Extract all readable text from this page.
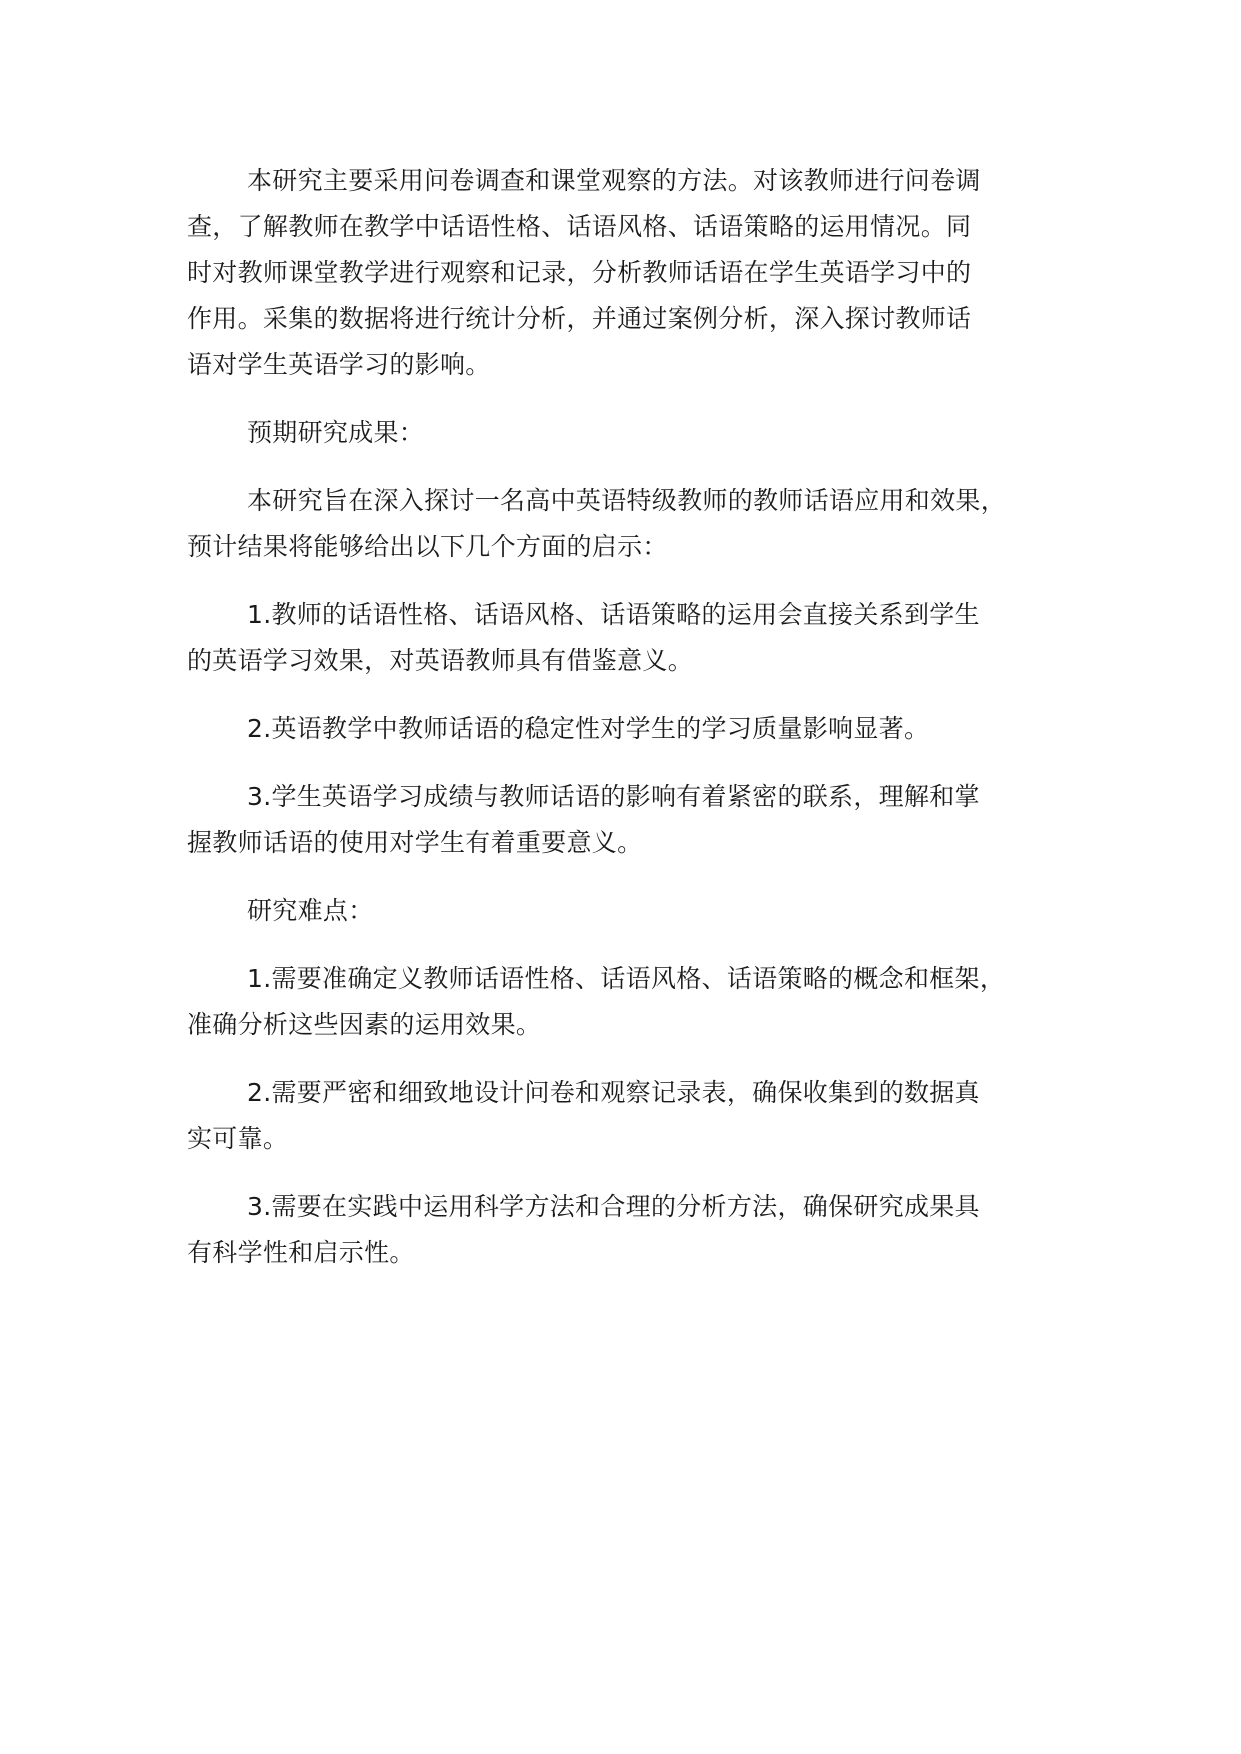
本研究主要采用问卷调查和课堂观察的方法。对该教师进行问卷调
查，了解教师在教学中话语性格、话语风格、话语策略的运用情况。同
时对教师课堂教学进行观察和记录，分析教师话语在学生英语学习中的
作用。采集的数据将进行统计分析，并通过案例分析，深入探讨教师话
语对学生英语学习的影响。
预期研究成果：
本研究旨在深入探讨一名高中英语特级教师的教师话语应用和效果，
预计结果将能够给出以下几个方面的启示：
1.教师的话语性格、话语风格、话语策略的运用会直接关系到学生
的英语学习效果，对英语教师具有借鉴意义。
2.英语教学中教师话语的稳定性对学生的学习质量影响显著。
3.学生英语学习成绩与教师话语的影响有着紧密的联系，理解和掌
握教师话语的使用对学生有着重要意义。
研究难点：
1.需要准确定义教师话语性格、话语风格、话语策略的概念和框架，
准确分析这些因素的运用效果。
2.需要严密和细致地设计问卷和观察记录表，确保收集到的数据真
实可靠。
3.需要在实践中运用科学方法和合理的分析方法，确保研究成果具
有科学性和启示性。
